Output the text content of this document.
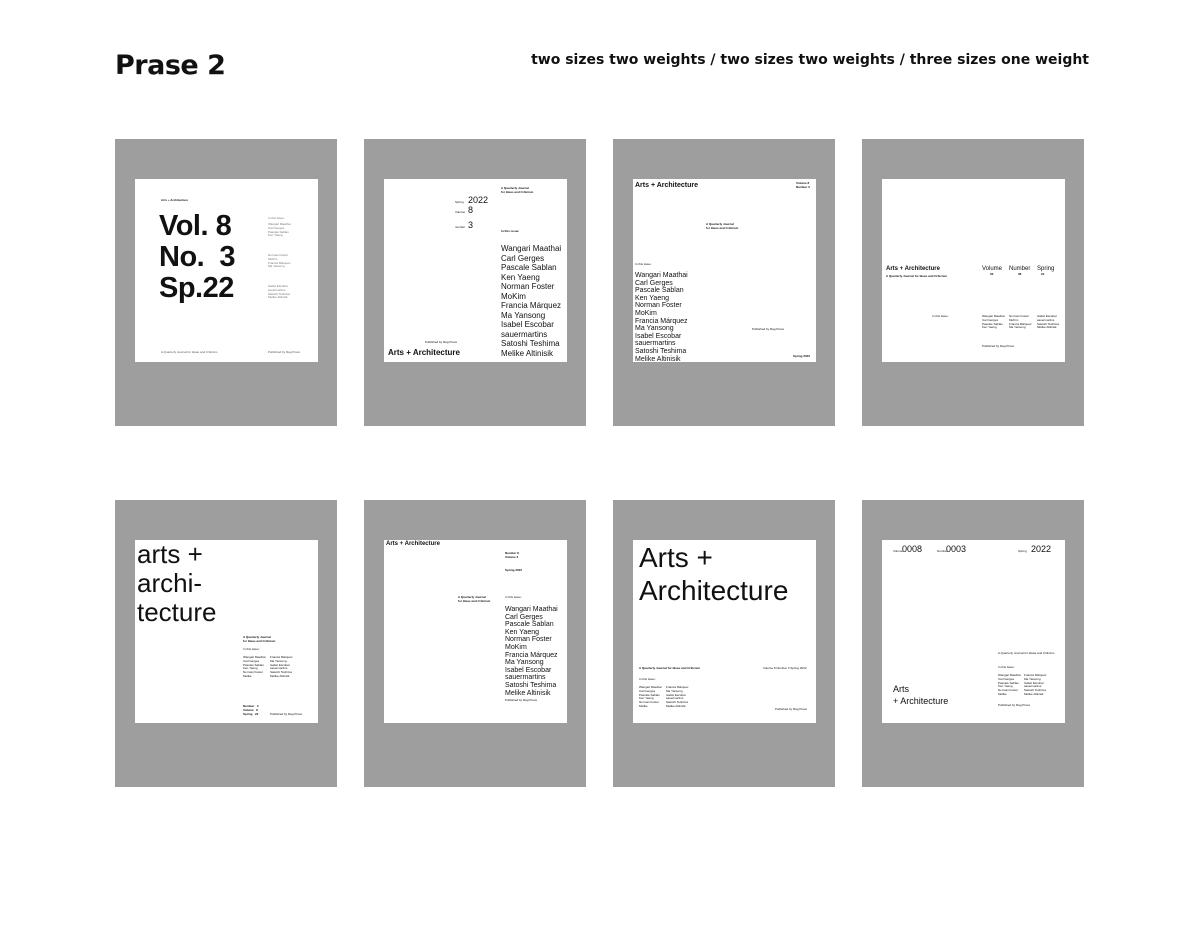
Prase 2	two sizes two weights / two sizes two weights / three sizes one weight
Arts + Architecture
Vol. 8
No.  3
Sp.22
In this issue:
Wangari Maathai
Carl Gerges
Pascale Sablan
Ken Yaeng
Norman Foster
MoKim
Francia Márquez
Ma Yansong
Isabel Escobar
sauermartins
Satoshi Teshima
Melike Altinisik
A Quarterly Journal for Ideas and Criticism	Published by Rag Press
A Quarterly Journal
for Ideas and Criticism
Spring 2022
Volume 8
number 3
In this issue:
Wangari Maathai
Carl Gerges
Pascale Sablan
Ken Yaeng
Norman Foster
MoKim
Francia Márquez
Ma Yansong
Isabel Escobar
sauermartins
Satoshi Teshima
Melike Altinisik
Published by Rag Press
Arts + Architecture
Arts + Architecture	Volume 8
Number 3
A Quarterly Journal
for Ideas and Criticism
In this issue:
Wangari Maathai
Carl Gerges
Pascale Sablan
Ken Yaeng
Norman Foster
MoKim
Francia Márquez
Ma Yansong
Isabel Escobar
sauermartins
Satoshi Teshima
Melike Altinisik
Published by Rag Press
Spring 2022
Arts + Architecture
A Quarterly Journal for Ideas and Criticism
Volume
03
Number
08
Spring
22
In this issue:	Wangari Maathai
Carl Gerges
Pascale Sablan
Ken Yaeng
Norman Foster
MoKim
Francia Márquez
Ma Yansong
Isabel Escobar
sauermartins
Satoshi Teshima
Melike Altinisik
Published by Rag Press
arts +
archi-
tecture
A Quarterly Journal
for Ideas and Criticism
In this issue:
Wangari Maathai
Carl Gerges
Pascale Sablan
Ken Yaeng
Norman Foster
Melike
Francia Márquez
Ma Yansong
Isabel Escobar
sauermartins
Satoshi Teshima
Melike Altinisik
Number   3
Volume   8
Spring   22	Published by Rag Press
Arts + Architecture
Number 8
Volume 3
Spring 2022
A Quarterly Journal
for Ideas and Criticism
In this issue:
Wangari Maathai
Carl Gerges
Pascale Sablan
Ken Yaeng
Norman Foster
MoKim
Francia Márquez
Ma Yansong
Isabel Escobar
sauermartins
Satoshi Teshima
Melike Altinisik
Published by Rag Press
Arts +
Architecture
A Quarterly Journal for Ideas and Criticism	Volume 8 Number 3 Spring 2022
In this issue:
Wangari Maathai
Carl Gerges
Pascale Sablan
Ken Yaeng
Norman Foster
Melike
Francia Márquez
Ma Yansong
Isabel Escobar
sauermartins
Satoshi Teshima
Melike Altinisik
Published by Rag Press
Volume
0008	Number
0003	Spring 2022
A Quarterly Journal for Ideas and Criticism
In this issue:
Wangari Maathai
Carl Gerges
Pascale Sablan
Ken Yaeng
Norman Foster
Melike
Francia Márquez
Ma Yansong
Isabel Escobar
sauermartins
Satoshi Teshima
Melike Altinisik
Arts
+ Architecture	Published by Rag Press
